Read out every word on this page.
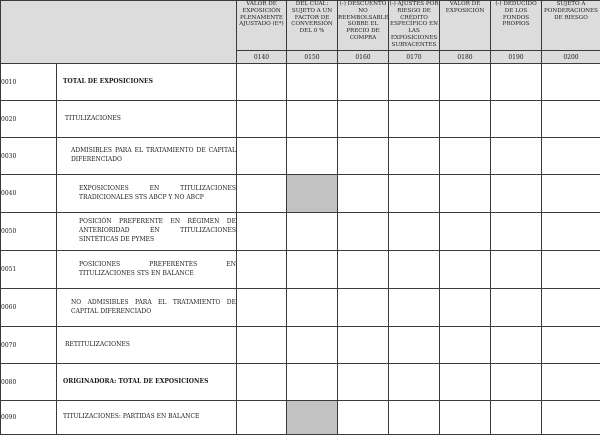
		VALOR DE EXPOSICIÓN PLENAMENTE AJUSTADO (E*)	DEL CUAL: SUJETO A UN FACTOR DE CONVERSIÓN DEL 0 %	(-) DESCUENTO NO REEMBOLSABLE SOBRE EL PRECIO DE COMPRA	(-) AJUSTES POR RIESGO DE CRÉDITO ESPECÍFICO EN LAS EXPOSICIONES SUBYACENTES	VALOR DE EXPOSICIÓN	(-) DEDUCIDO DE LOS FONDOS PROPIOS	SUJETO A PONDERACIONES DE RIESGO
		0140	0150	0160	0170	0180	0190	0200
0010	TOTAL DE EXPOSICIONES							
0020	TITULIZACIONES							
0030	ADMISIBLES PARA EL TRATAMIENTO DE CAPITAL DIFERENCIADO							
0040	EXPOSICIONES EN TITULIZACIONES TRADICIONALES STS ABCP Y NO ABCP							
0050	POSICIÓN PREFERENTE EN RÉGIMEN DE ANTERIORIDAD EN TITULIZACIONES SINTÉTICAS DE PYMES							
0051	POSICIONES PREFERENTES EN TITULIZACIONES STS EN BALANCE							
0060	NO ADMISIBLES PARA EL TRATAMIENTO DE CAPITAL DIFERENCIADO							
0070	RETITULIZACIONES							
0080	ORIGINADORA: TOTAL DE EXPOSICIONES							
0090	TITULIZACIONES: PARTIDAS EN BALANCE							
